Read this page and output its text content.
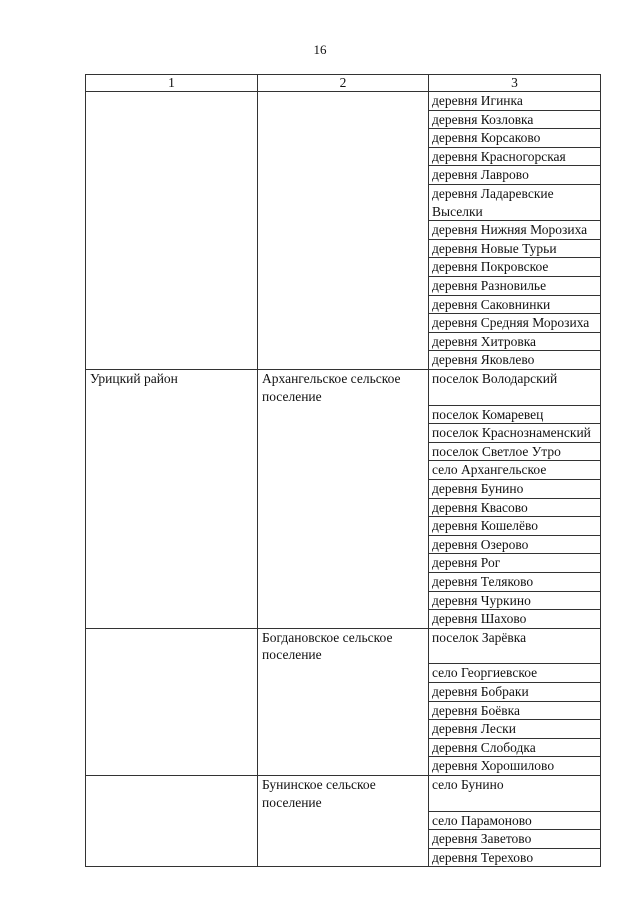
16
1	2	3
		деревня Игинка
		деревня Козловка
		деревня Корсаково
		деревня Красногорская
		деревня Лаврово
		деревня Ладаревские Выселки
		деревня Нижняя Морозиха
		деревня Новые Турьи
		деревня Покровское
		деревня Разновилье
		деревня Саковнинки
		деревня Средняя Морозиха
		деревня Хитровка
		деревня Яковлево
Урицкий район	Архангельское сельское поселение	поселок Володарский
		поселок Комаревец
		поселок Краснознаменский
		поселок Светлое Утро
		село Архангельское
		деревня Бунино
		деревня Квасово
		деревня Кошелёво
		деревня Озерово
		деревня Рог
		деревня Теляково
		деревня Чуркино
		деревня Шахово
	Богдановское сельское поселение	поселок Зарёвка
		село Георгиевское
		деревня Бобраки
		деревня Боёвка
		деревня Лески
		деревня Слободка
		деревня Хорошилово
	Бунинское сельское поселение	село Бунино
		село Парамоново
		деревня Заветово
		деревня Терехово
